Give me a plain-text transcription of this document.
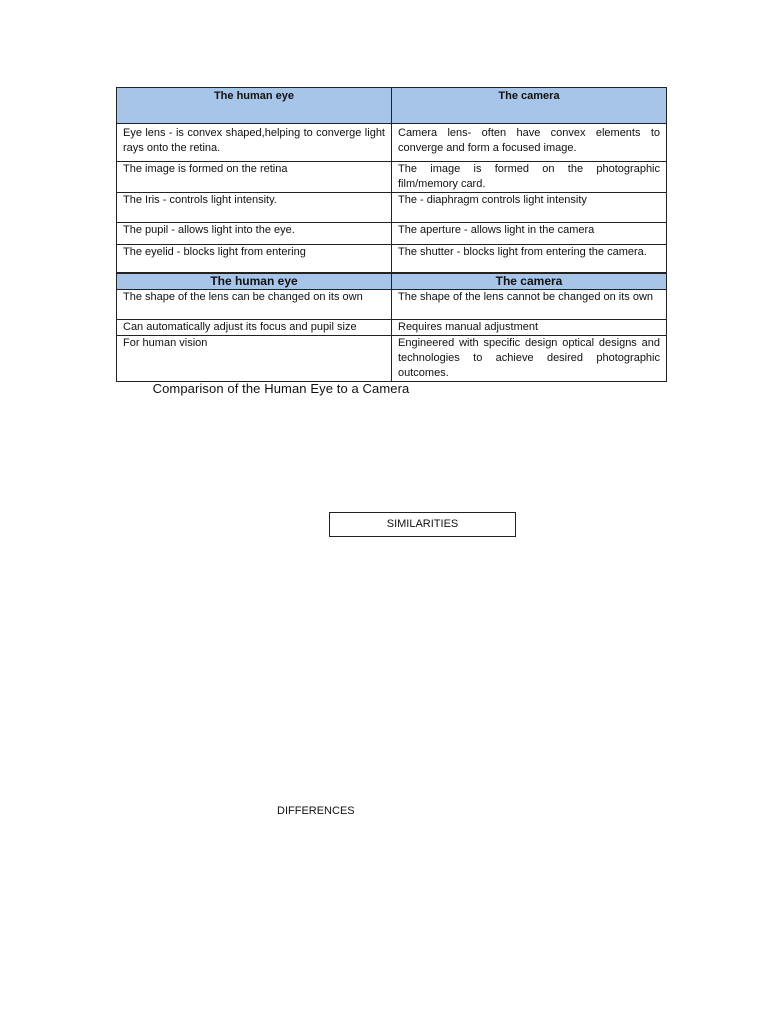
The human eye	The camera
Eye lens - is convex shaped,helping to converge light rays onto the retina.	Camera lens- often have convex elements to converge and form a focused image.
The image is formed on the retina	The image is formed on the photographic film/memory card.
The Iris - controls light intensity.	The - diaphragm controls light intensity
The pupil - allows light into the eye.	The aperture - allows light in the camera
The eyelid - blocks light from entering	The shutter - blocks light from entering the camera.
The human eye	The camera
The shape of the lens can be changed on its own	The shape of the lens cannot be changed on its own
Can automatically adjust its focus and pupil size	Requires manual adjustment
For human vision	Engineered with specific design optical designs and technologies to achieve desired photographic outcomes.
Comparison of the Human Eye to a Camera
SIMILARITIES
DIFFERENCES
